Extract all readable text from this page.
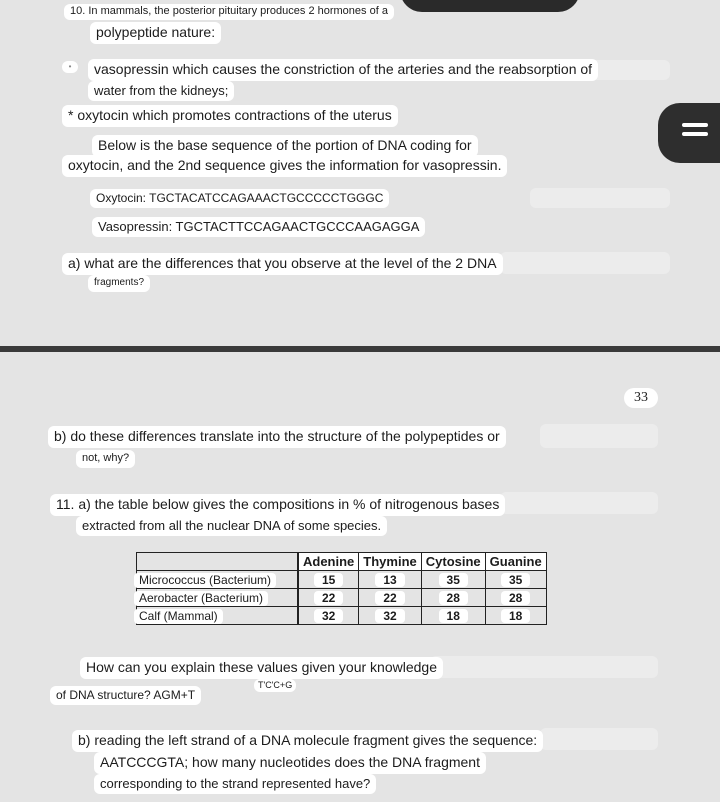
10. In mammals, the posterior pituitary produces 2 hormones of a
polypeptide nature:
•	vasopressin which causes the constriction of the arteries and the reabsorption of
water from the kidneys;
* oxytocin which promotes contractions of the uterus
Below is the base sequence of the portion of DNA coding for
oxytocin, and the 2nd sequence gives the information for vasopressin.
Oxytocin: TGCTACATCCAGAAACTGCCCCCTGGGC
Vasopressin: TGCTACTTCCAGAACTGCCCAAGAGGA
a) what are the differences that you observe at the level of the 2 DNA
fragments?
33
b) do these differences translate into the structure of the polypeptides or
not, why?
11. a) the table below gives the compositions in % of nitrogenous bases
extracted from all the nuclear DNA of some species.
	Adenine	Thymine	Cytosine	Guanine
Micrococcus (Bacterium)	15	13	35	35
Aerobacter (Bacterium)	22	22	28	28
Calf (Mammal)	32	32	18	18
How can you explain these values given your knowledge
T'C'C+G
of DNA structure? AGM+T
b) reading the left strand of a DNA molecule fragment gives the sequence:
AATCCCGTA; how many nucleotides does the DNA fragment
corresponding to the strand represented have?
